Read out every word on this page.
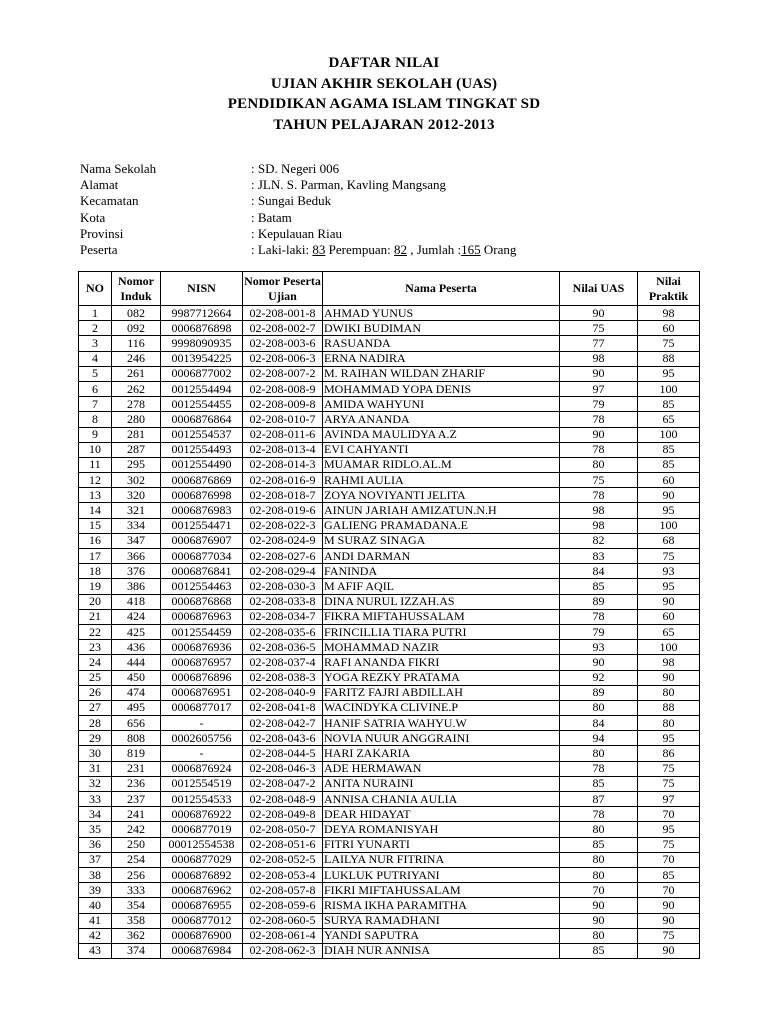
DAFTAR NILAI
UJIAN AKHIR SEKOLAH (UAS)
PENDIDIKAN AGAMA ISLAM TINGKAT SD
TAHUN PELAJARAN 2012-2013
Nama Sekolah	: SD. Negeri 006
Alamat	: JLN. S. Parman, Kavling Mangsang
Kecamatan	: Sungai Beduk
Kota	: Batam
Provinsi	: Kepulauan Riau
Peserta	: Laki-laki: 83 Perempuan: 82 , Jumlah :165 Orang
NO	Nomor Induk	NISN	Nomor Peserta Ujian	Nama Peserta	Nilai UAS	Nilai Praktik
1	082	9987712664	02-208-001-8	AHMAD YUNUS	90	98
2	092	0006876898	02-208-002-7	DWIKI BUDIMAN	75	60
3	116	9998090935	02-208-003-6	RASUANDA	77	75
4	246	0013954225	02-208-006-3	ERNA NADIRA	98	88
5	261	0006877002	02-208-007-2	M. RAIHAN WILDAN ZHARIF	90	95
6	262	0012554494	02-208-008-9	MOHAMMAD YOPA DENIS	97	100
7	278	0012554455	02-208-009-8	AMIDA WAHYUNI	79	85
8	280	0006876864	02-208-010-7	ARYA ANANDA	78	65
9	281	0012554537	02-208-011-6	AVINDA MAULIDYA A.Z	90	100
10	287	0012554493	02-208-013-4	EVI CAHYANTI	78	85
11	295	0012554490	02-208-014-3	MUAMAR RIDLO.AL.M	80	85
12	302	0006876869	02-208-016-9	RAHMI AULIA	75	60
13	320	0006876998	02-208-018-7	ZOYA NOVIYANTI JELITA	78	90
14	321	0006876983	02-208-019-6	AINUN JARIAH AMIZATUN.N.H	98	95
15	334	0012554471	02-208-022-3	GALIENG PRAMADANA.E	98	100
16	347	0006876907	02-208-024-9	M SURAZ SINAGA	82	68
17	366	0006877034	02-208-027-6	ANDI DARMAN	83	75
18	376	0006876841	02-208-029-4	FANINDA	84	93
19	386	0012554463	02-208-030-3	M AFIF AQIL	85	95
20	418	0006876868	02-208-033-8	DINA NURUL IZZAH.AS	89	90
21	424	0006876963	02-208-034-7	FIKRA MIFTAHUSSALAM	78	60
22	425	0012554459	02-208-035-6	FRINCILLIA TIARA PUTRI	79	65
23	436	0006876936	02-208-036-5	MOHAMMAD NAZIR	93	100
24	444	0006876957	02-208-037-4	RAFI ANANDA FIKRI	90	98
25	450	0006876896	02-208-038-3	YOGA REZKY PRATAMA	92	90
26	474	0006876951	02-208-040-9	FARITZ FAJRI ABDILLAH	89	80
27	495	0006877017	02-208-041-8	WACINDYKA CLIVINE.P	80	88
28	656	-	02-208-042-7	HANIF SATRIA WAHYU.W	84	80
29	808	0002605756	02-208-043-6	NOVIA NUUR ANGGRAINI	94	95
30	819	-	02-208-044-5	HARI ZAKARIA	80	86
31	231	0006876924	02-208-046-3	ADE HERMAWAN	78	75
32	236	0012554519	02-208-047-2	ANITA NURAINI	85	75
33	237	0012554533	02-208-048-9	ANNISA CHANIA AULIA	87	97
34	241	0006876922	02-208-049-8	DEAR HIDAYAT	78	70
35	242	0006877019	02-208-050-7	DEYA ROMANISYAH	80	95
36	250	00012554538	02-208-051-6	FITRI YUNARTI	85	75
37	254	0006877029	02-208-052-5	LAILYA NUR FITRINA	80	70
38	256	0006876892	02-208-053-4	LUKLUK PUTRIYANI	80	85
39	333	0006876962	02-208-057-8	FIKRI MIFTAHUSSALAM	70	70
40	354	0006876955	02-208-059-6	RISMA IKHA PARAMITHA	90	90
41	358	0006877012	02-208-060-5	SURYA RAMADHANI	90	90
42	362	0006876900	02-208-061-4	YANDI SAPUTRA	80	75
43	374	0006876984	02-208-062-3	DIAH NUR ANNISA	85	90
